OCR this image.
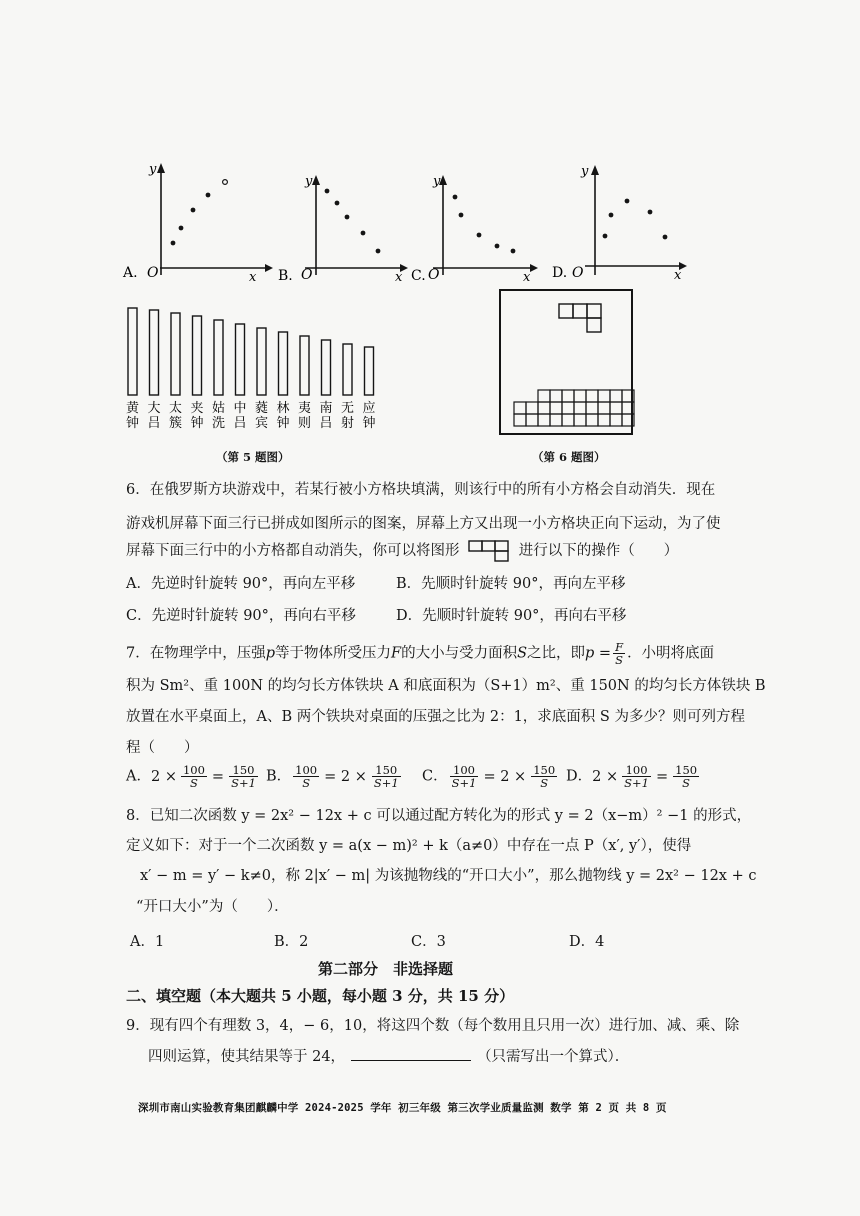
A. O	x
y
B. O	x
y
C. O	x
y
D. O	x
y
黄
钟
大
吕
太
簇
夹
钟
姑
洗
中
吕
蕤
宾
林
钟
夷
则
南
吕
无
射
应
钟
（第 5 题图）	（第 6 题图）
6．在俄罗斯方块游戏中，若某行被小方格块填满，则该行中的所有小方格会自动消失．现在
游戏机屏幕下面三行已拼成如图所示的图案，屏幕上方又出现一小方格块正向下运动，为了使
屏幕下面三行中的小方格都自动消失，你可以将图形	进行以下的操作（　　）
A．先逆时针旋转 90°，再向左平移	B．先顺时针旋转 90°，再向左平移
C．先逆时针旋转 90°，再向右平移	D．先顺时针旋转 90°，再向右平移
7．在物理学中，压强p等于物体所受压力F的大小与受力面积S之比，即$p = \frac{F}{S}$ ．小明将底面
积为 Sm²、重 100N 的均匀长方体铁块 A 和底面积为（S+1）m²、重 150N 的均匀长方体铁块 B
放置在水平桌面上，A、B 两个铁块对桌面的压强之比为 2：1，求底面积 S 为多少？则可列方程
程（　　）
A．$2 \times \frac{100}{S} = \frac{150}{S+1}$ B． $\frac{100}{S} = 2 \times \frac{150}{S+1}$ C． $\frac{100}{S+1} = 2 \times \frac{150}{S}$ D．$2 \times \frac{100}{S+1} = \frac{150}{S}$
8．已知二次函数 y = 2x² − 12x + c 可以通过配方转化为的形式 y = 2（x−m）² −1 的形式，
定义如下：对于一个二次函数 y = a(x − m)² + k（a≠0）中存在一点 P（x′, y′），使得
x′ − m = y′ − k≠0，称 2|x′ − m| 为该抛物线的“开口大小”，那么抛物线 y = 2x² − 12x + c
“开口大小”为（　　）．
A．1	B．2	C．3	D．4
第二部分　非选择题
二、填空题（本大题共 5 小题，每小题 3 分，共 15 分）
9．现有四个有理数 3，4，− 6，10，将这四个数（每个数用且只用一次）进行加、减、乘、除
四则运算，使其结果等于 24，	（只需写出一个算式）．
深圳市南山实验教育集团麒麟中学 2024-2025 学年 初三年级 第三次学业质量监测 数学 第 2 页 共 8 页
